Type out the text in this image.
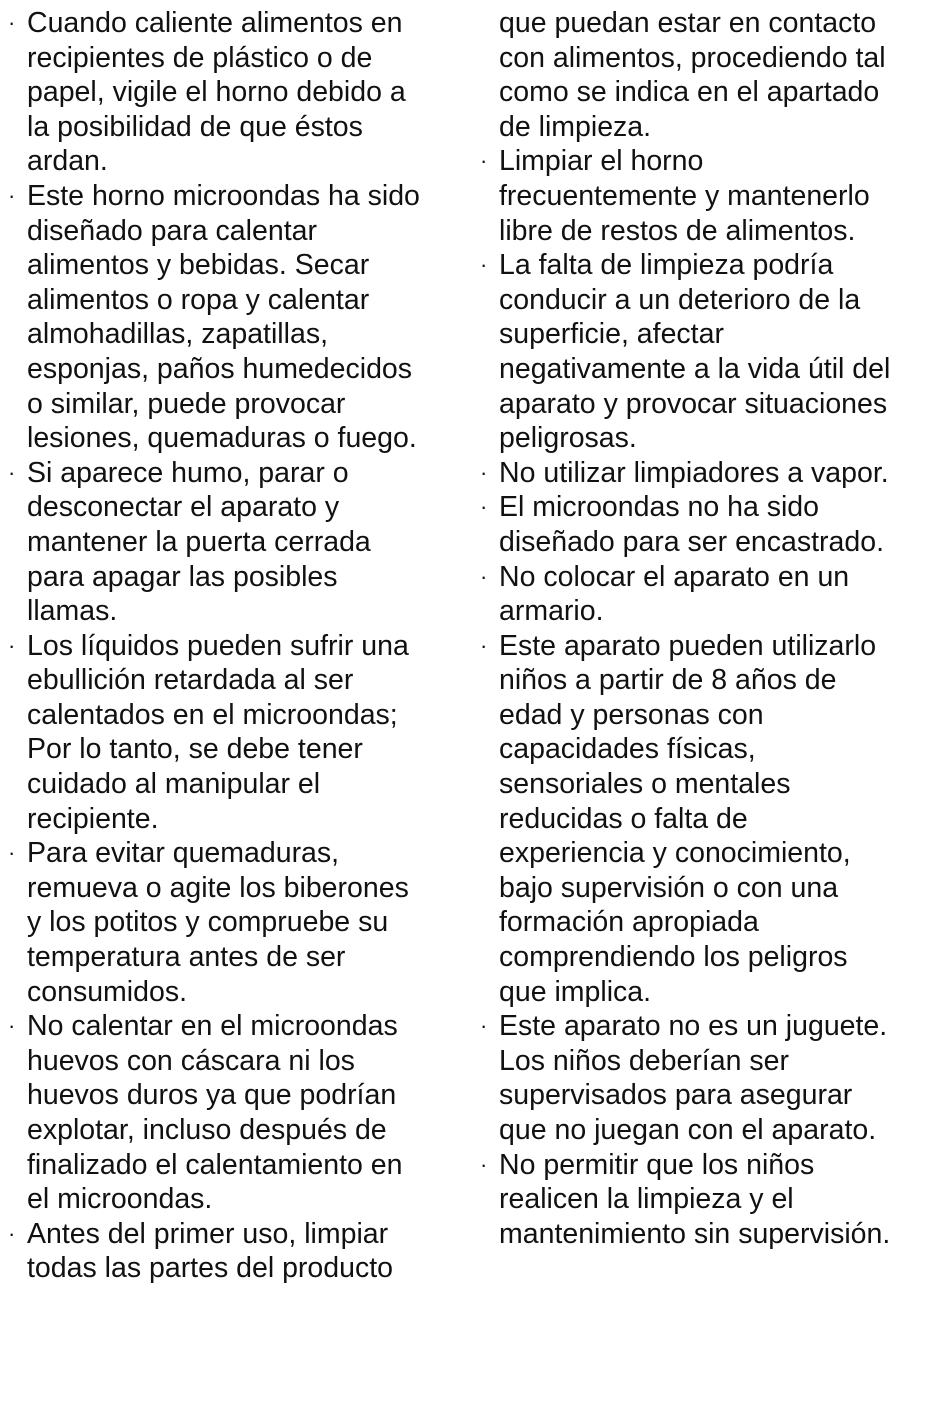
· Cuando caliente alimentos en
recipientes de plástico o de
papel, vigile el horno debido a
la posibilidad de que éstos
ardan.
· Este horno microondas ha sido
diseñado para calentar
alimentos y bebidas. Secar
alimentos o ropa y calentar
almohadillas, zapatillas,
esponjas, paños humedecidos
o similar, puede provocar
lesiones, quemaduras o fuego.
· Si aparece humo, parar o
desconectar el aparato y
mantener la puerta cerrada
para apagar las posibles
llamas.
· Los líquidos pueden sufrir una
ebullición retardada al ser
calentados en el microondas;
Por lo tanto, se debe tener
cuidado al manipular el
recipiente.
· Para evitar quemaduras,
remueva o agite los biberones
y los potitos y compruebe su
temperatura antes de ser
consumidos.
· No calentar en el microondas
huevos con cáscara ni los
huevos duros ya que podrían
explotar, incluso después de
finalizado el calentamiento en
el microondas.
· Antes del primer uso, limpiar
todas las partes del producto
que puedan estar en contacto
con alimentos, procediendo tal
como se indica en el apartado
de limpieza.
· Limpiar el horno
frecuentemente y mantenerlo
libre de restos de alimentos.
· La falta de limpieza podría
conducir a un deterioro de la
superficie, afectar
negativamente a la vida útil del
aparato y provocar situaciones
peligrosas.
· No utilizar limpiadores a vapor.
· El microondas no ha sido
diseñado para ser encastrado.
· No colocar el aparato en un
armario.
· Este aparato pueden utilizarlo
niños a partir de 8 años de
edad y personas con
capacidades físicas,
sensoriales o mentales
reducidas o falta de
experiencia y conocimiento,
bajo supervisión o con una
formación apropiada
comprendiendo los peligros
que implica.
· Este aparato no es un juguete.
Los niños deberían ser
supervisados para asegurar
que no juegan con el aparato.
· No permitir que los niños
realicen la limpieza y el
mantenimiento sin supervisión.
